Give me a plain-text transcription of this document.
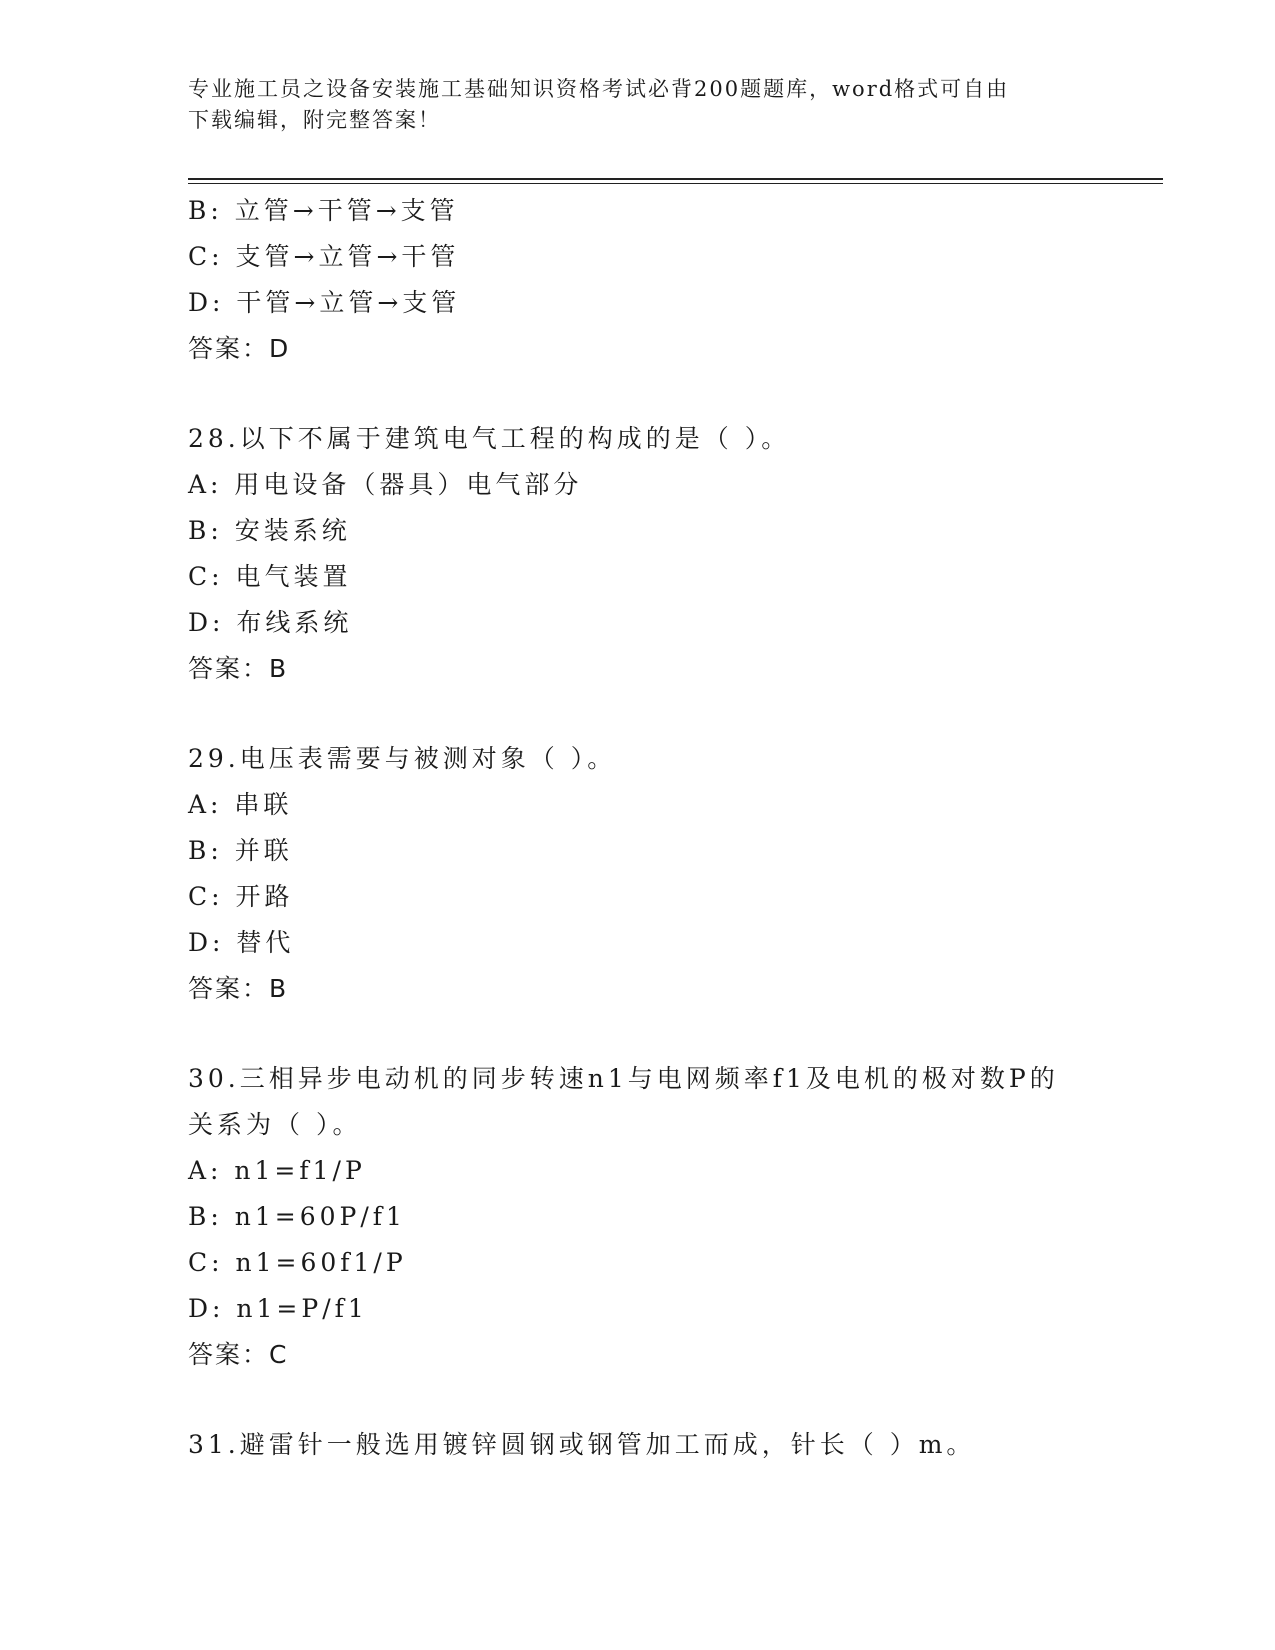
专业施工员之设备安装施工基础知识资格考试必背200题题库，word格式可自由
下载编辑，附完整答案！
B: 立管→干管→支管
C: 支管→立管→干管
D: 干管→立管→支管
答案：D
28.以下不属于建筑电气工程的构成的是（ ）。
A: 用电设备（器具）电气部分
B: 安装系统
C: 电气装置
D: 布线系统
答案：B
29.电压表需要与被测对象（ ）。
A: 串联
B: 并联
C: 开路
D: 替代
答案：B
30.三相异步电动机的同步转速n1与电网频率f1及电机的极对数P的
关系为（ ）。
A: n1=f1/P
B: n1=60P/f1
C: n1=60f1/P
D: n1=P/f1
答案：C
31.避雷针一般选用镀锌圆钢或钢管加工而成，针长（ ）m。
